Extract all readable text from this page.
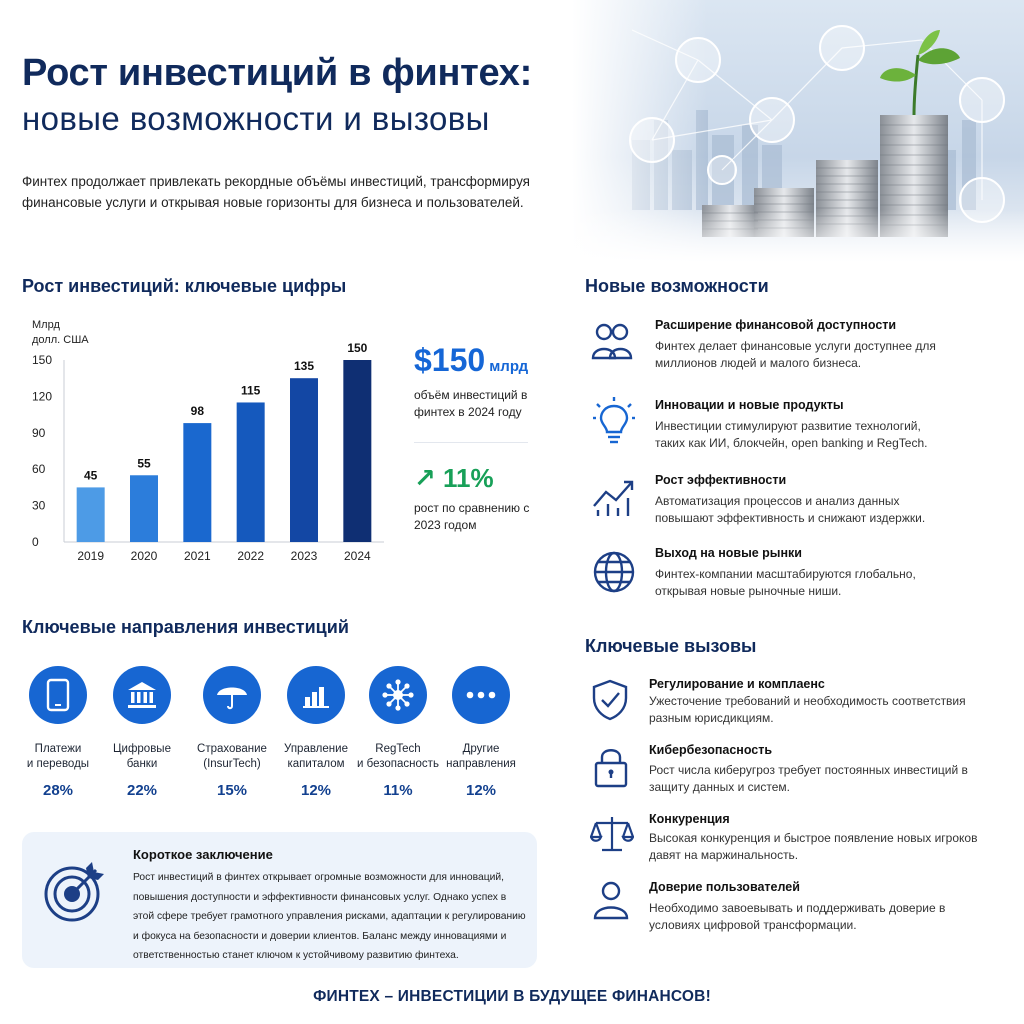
Рост инвестиций в финтех:
новые возможности и вызовы
Финтех продолжает привлекать рекордные объёмы инвестиций, трансформируя финансовые услуги и открывая новые горизонты для бизнеса и пользователей.
Рост инвестиций: ключевые цифры
Млрд
долл. США
0
30
60
90
120
150
45
2019
55
2020
98
2021
115
2022
135
2023
150
2024
$150 млрд
объём инвестиций в финтех в 2024 году
↗ 11%
рост по сравнению с 2023 годом
Ключевые направления инвестиций
Платежи
и переводы
28%
Цифровые
банки
22%
Страхование
(InsurTech)
15%
Управление
капиталом
12%
RegTech
и безопасность
11%
Другие
направления
12%
Короткое заключение
Рост инвестиций в финтех открывает огромные возможности для инноваций, повышения доступности и эффективности финансовых услуг. Однако успех в этой сфере требует грамотного управления рисками, адаптации к регулированию и фокуса на безопасности и доверии клиентов. Баланс между инновациями и ответственностью станет ключом к устойчивому развитию финтеха.
Новые возможности
Расширение финансовой доступности
Финтех делает финансовые услуги доступнее для миллионов людей и малого бизнеса.
Инновации и новые продукты
Инвестиции стимулируют развитие технологий, таких как ИИ, блокчейн, open banking и RegTech.
Рост эффективности
Автоматизация процессов и анализ данных повышают эффективность и снижают издержки.
Выход на новые рынки
Финтех-компании масштабируются глобально, открывая новые рыночные ниши.
Ключевые вызовы
Регулирование и комплаенс
Ужесточение требований и необходимость соответствия разным юрисдикциям.
Кибербезопасность
Рост числа киберугроз требует постоянных инвестиций в защиту данных и систем.
Конкуренция
Высокая конкуренция и быстрое появление новых игроков давят на маржинальность.
Доверие пользователей
Необходимо завоевывать и поддерживать доверие в условиях цифровой трансформации.
ФИНТЕХ – ИНВЕСТИЦИИ В БУДУЩЕЕ ФИНАНСОВ!
